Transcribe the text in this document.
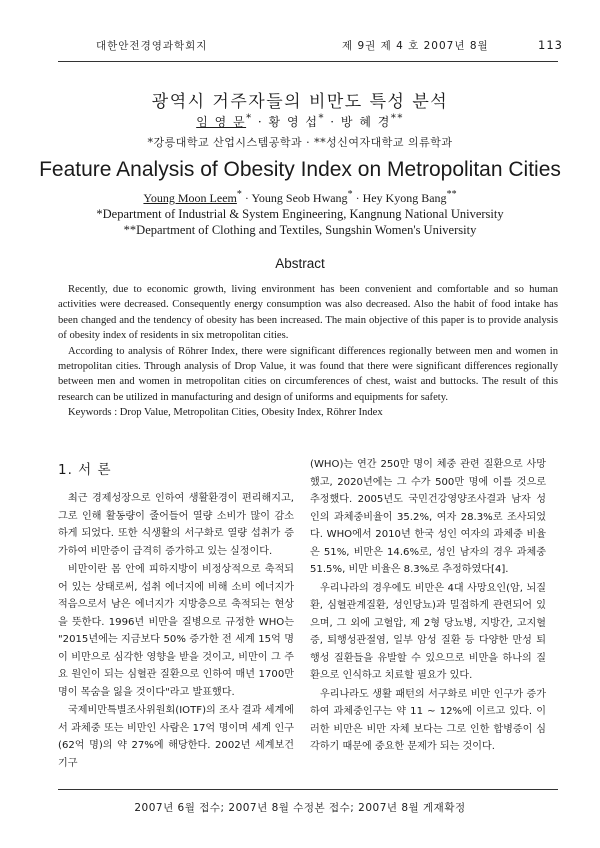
대한안전경영과학회지	제 9권 제 4 호 2007년 8월	113
광역시 거주자들의 비만도 특성 분석
임 영 문* · 황 영 섭* · 방 혜 경**
*강릉대학교 산업시스템공학과 · **성신여자대학교 의류학과
Feature Analysis of Obesity Index on Metropolitan Cities
Young Moon Leem* · Young Seob Hwang* · Hey Kyong Bang**
*Department of Industrial & System Engineering, Kangnung National University
**Department of Clothing and Textiles, Sungshin Women's University
Abstract

Recently, due to economic growth, living environment has been convenient and comfortable and so human activities were decreased. Consequently energy consumption was also decreased. Also the habit of food intake has been changed and the tendency of obesity has been increased. The main objective of this paper is to provide analysis of obesity index of residents in six metropolitan cities.

According to analysis of Röhrer Index, there were significant differences regionally between men and women in metropolitan cities. Through analysis of Drop Value, it was found that there were significant differences regionally between men and women in metropolitan cities on circumferences of chest, waist and buttocks. The result of this research can be utilized in manufacturing and design of uniforms and equipments for safety.

Keywords : Drop Value, Metropolitan Cities, Obesity Index, Röhrer Index

1. 서 론

최근 경제성장으로 인하여 생활환경이 편리해지고, 그로 인해 활동량이 줄어들어 열량 소비가 많이 감소하게 되었다. 또한 식생활의 서구화로 열량 섭취가 증가하여 비만증이 급격히 증가하고 있는 실정이다.

비만이란 몸 안에 피하지방이 비정상적으로 축적되어 있는 상태로써, 섭취 에너지에 비해 소비 에너지가 적음으로서 남은 에너지가 지방층으로 축적되는 현상을 뜻한다. 1996년 비만을 질병으로 규정한 WHO는 "2015년에는 지금보다 50% 증가한 전 세계 15억 명이 비만으로 심각한 영향을 받을 것이고, 비만이 그 주요 원인이 되는 심혈관 질환으로 인하여 매년 1700만 명이 목숨을 잃을 것이다"라고 발표했다.

국제비만특별조사위원회(IOTF)의 조사 결과 세계에서 과체중 또는 비만인 사람은 17억 명이며 세계 인구(62억 명)의 약 27%에 해당한다. 2002년 세계보건기구

(WHO)는 연간 250만 명이 체중 관련 질환으로 사망했고, 2020년에는 그 수가 500만 명에 이를 것으로 추정했다. 2005년도 국민건강영양조사결과 남자 성인의 과체중비율이 35.2%, 여자 28.3%로 조사되었다. WHO에서 2010년 한국 성인 여자의 과체중 비율은 51%, 비만은 14.6%로, 성인 남자의 경우 과체중 51.5%, 비만 비율은 8.3%로 추정하였다[4].

우리나라의 경우에도 비만은 4대 사망요인(암, 뇌질환, 심혈관계질환, 성인당뇨)과 밀접하게 관련되어 있으며, 그 외에 고혈압, 제 2형 당뇨병, 지방간, 고지혈증, 퇴행성관절염, 일부 암성 질환 등 다양한 만성 퇴행성 질환들을 유발할 수 있으므로 비만을 하나의 질환으로 인식하고 치료할 필요가 있다.

우리나라도 생활 패턴의 서구화로 비만 인구가 증가하여 과체중인구는 약 11 ~ 12%에 이르고 있다. 이러한 비만은 비만 자체 보다는 그로 인한 합병증이 심각하기 때문에 중요한 문제가 되는 것이다.

2007년 6월 접수; 2007년 8월 수정본 접수; 2007년 8월 게재확정
